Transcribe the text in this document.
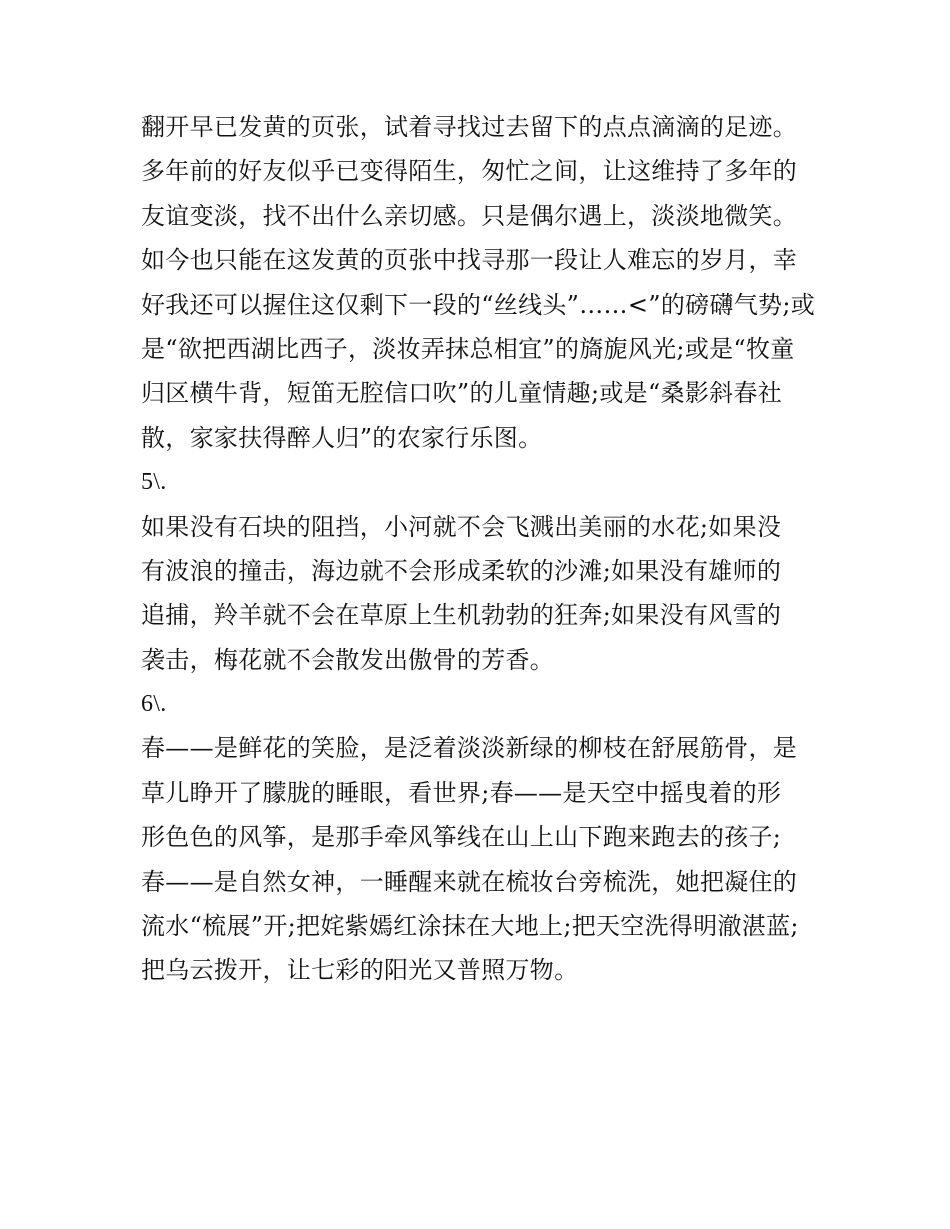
翻开早已发黄的页张，试着寻找过去留下的点点滴滴的足迹。
多年前的好友似乎已变得陌生，匆忙之间，让这维持了多年的
友谊变淡，找不出什么亲切感。只是偶尔遇上，淡淡地微笑。
如今也只能在这发黄的页张中找寻那一段让人难忘的岁月，幸
好我还可以握住这仅剩下一段的“丝线头”……<”的磅礴气势;或
是“欲把西湖比西子，淡妆弄抹总相宜”的旖旎风光;或是“牧童
归区横牛背，短笛无腔信口吹”的儿童情趣;或是“桑影斜春社
散，家家扶得醉人归”的农家行乐图。
5\.
如果没有石块的阻挡，小河就不会飞溅出美丽的水花;如果没
有波浪的撞击，海边就不会形成柔软的沙滩;如果没有雄师的
追捕，羚羊就不会在草原上生机勃勃的狂奔;如果没有风雪的
袭击，梅花就不会散发出傲骨的芳香。
6\.
春——是鲜花的笑脸，是泛着淡淡新绿的柳枝在舒展筋骨，是
草儿睁开了朦胧的睡眼，看世界;春——是天空中摇曳着的形
形色色的风筝，是那手牵风筝线在山上山下跑来跑去的孩子;
春——是自然女神，一睡醒来就在梳妆台旁梳洗，她把凝住的
流水“梳展”开;把姹紫嫣红涂抹在大地上;把天空洗得明澈湛蓝;
把乌云拨开，让七彩的阳光又普照万物。
